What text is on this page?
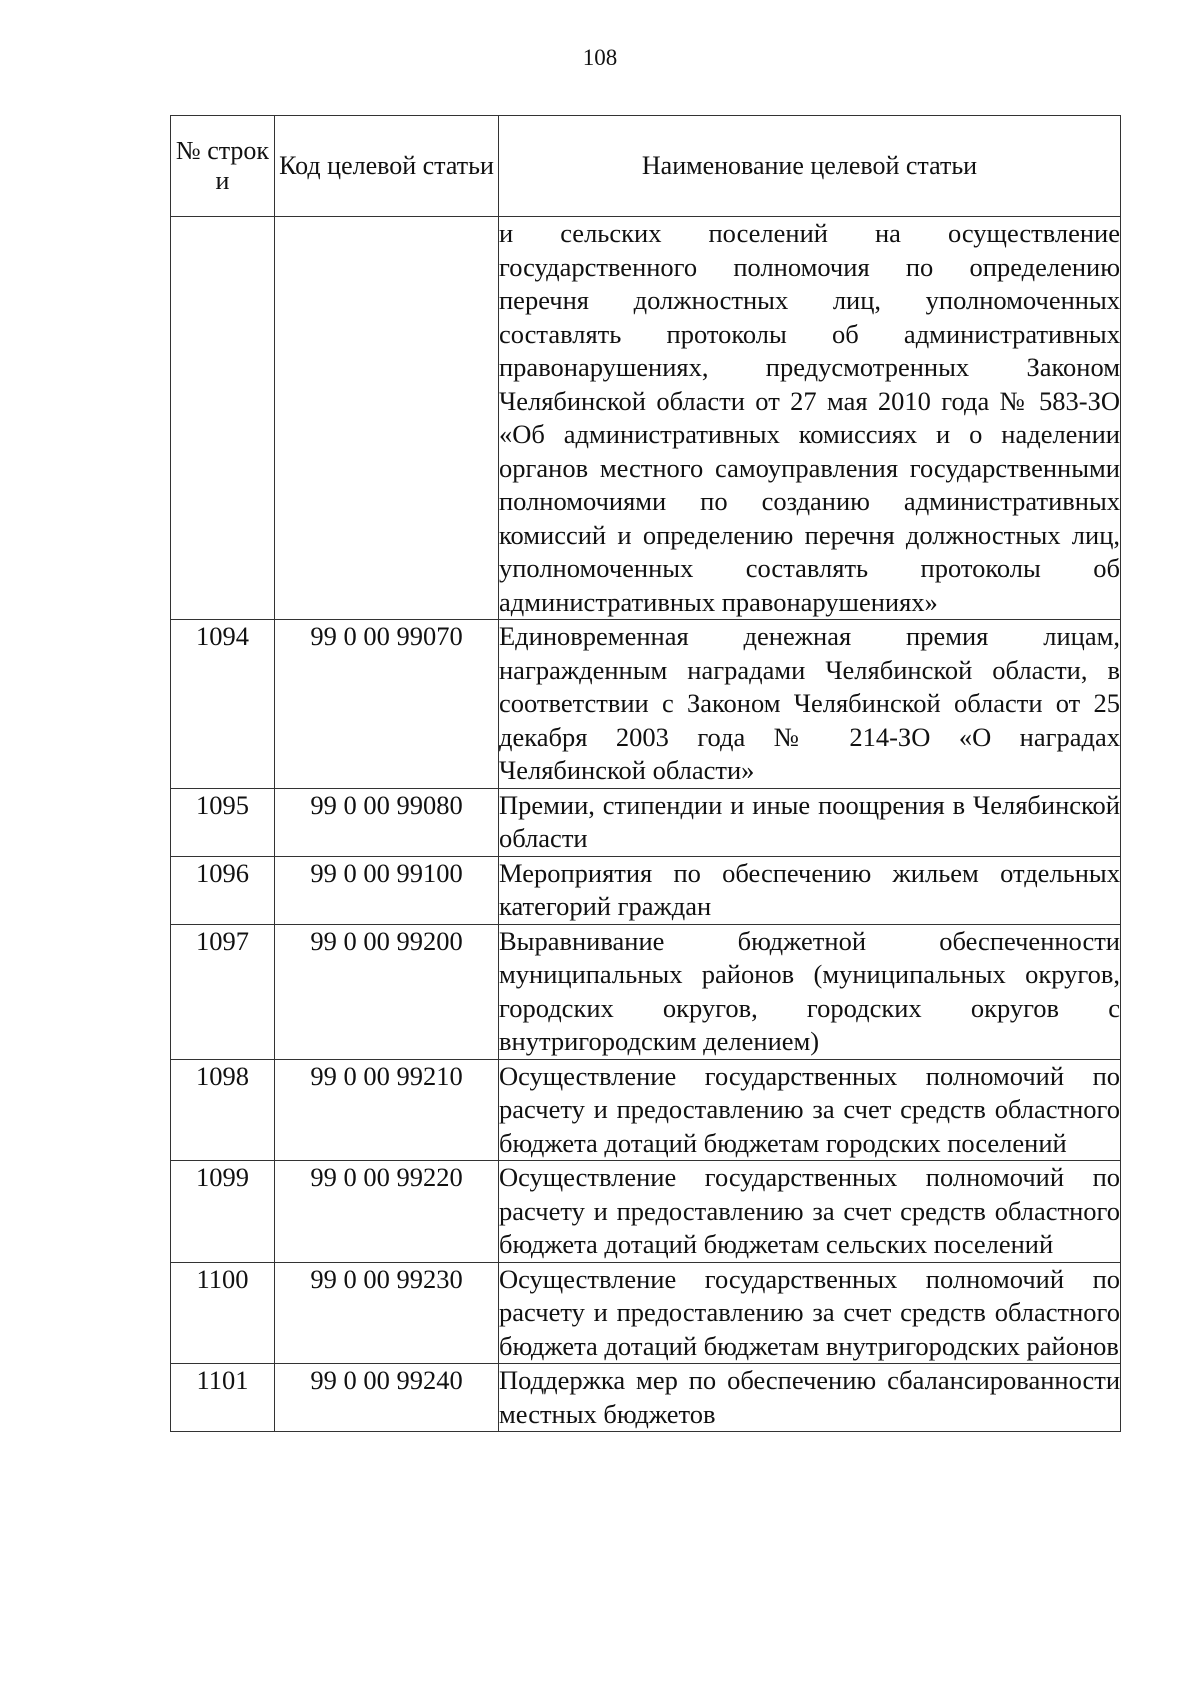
108
№ строк и	Код целевой статьи	Наименование целевой статьи
		и сельских поселений на осуществление государственного полномочия по определению перечня должностных лиц, уполномоченных составлять протоколы об административных правонарушениях, предусмотренных Законом Челябинской области от 27 мая 2010 года № 583-ЗО «Об административных комиссиях и о наделении органов местного самоуправления государственными полномочиями по созданию административных комиссий и определению перечня должностных лиц, уполномоченных составлять протоколы об административных правонарушениях»
1094	99 0 00 99070	Единовременная денежная премия лицам, награжденным наградами Челябинской области, в соответствии с Законом Челябинской области от 25 декабря 2003 года № 214-ЗО «О наградах Челябинской области»
1095	99 0 00 99080	Премии, стипендии и иные поощрения в Челябинской области
1096	99 0 00 99100	Мероприятия по обеспечению жильем отдельных категорий граждан
1097	99 0 00 99200	Выравнивание бюджетной обеспеченности муниципальных районов (муниципальных округов, городских округов, городских округов с внутригородским делением)
1098	99 0 00 99210	Осуществление государственных полномочий по расчету и предоставлению за счет средств областного бюджета дотаций бюджетам городских поселений
1099	99 0 00 99220	Осуществление государственных полномочий по расчету и предоставлению за счет средств областного бюджета дотаций бюджетам сельских поселений
1100	99 0 00 99230	Осуществление государственных полномочий по расчету и предоставлению за счет средств областного бюджета дотаций бюджетам внутригородских районов
1101	99 0 00 99240	Поддержка мер по обеспечению сбалансированности местных бюджетов
